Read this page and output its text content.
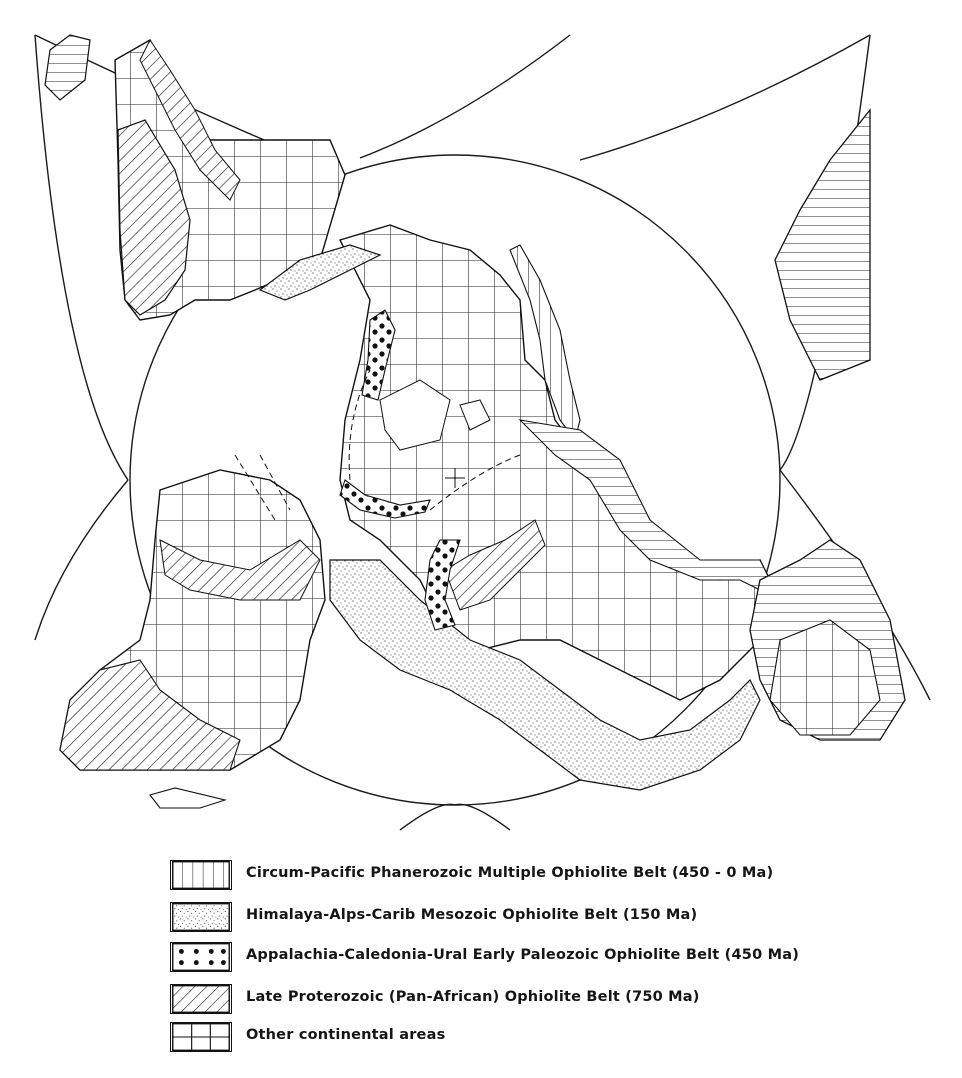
Circum-Pacific Phanerozoic Multiple Ophiolite Belt (450 - 0 Ma)
Himalaya-Alps-Carib Mesozoic Ophiolite Belt (150 Ma)
Appalachia-Caledonia-Ural Early Paleozoic Ophiolite Belt (450 Ma)
Late Proterozoic (Pan-African) Ophiolite Belt (750 Ma)
Other continental areas
